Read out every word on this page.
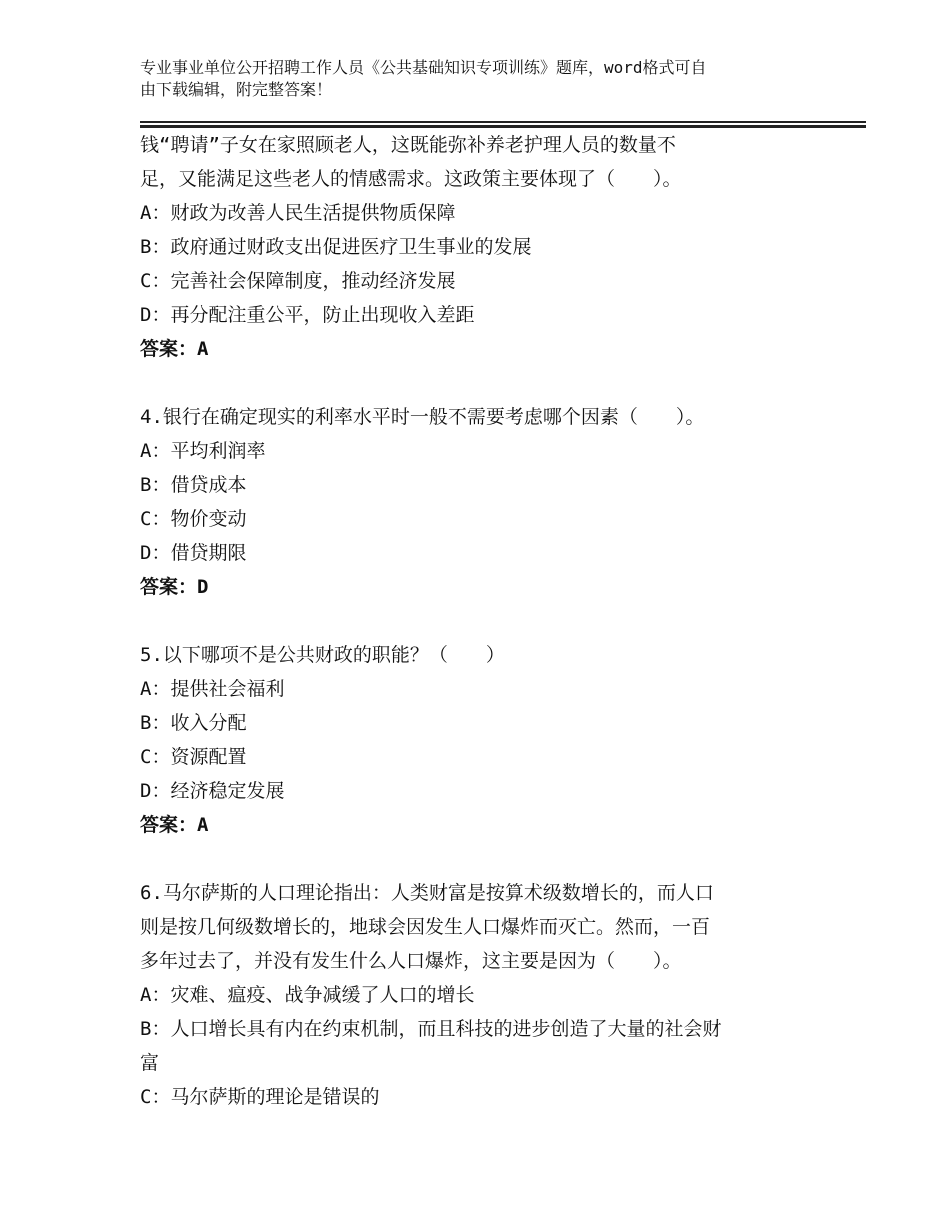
专业事业单位公开招聘工作人员《公共基础知识专项训练》题库，word格式可自
由下载编辑，附完整答案！
钱“聘请”子女在家照顾老人，这既能弥补养老护理人员的数量不
足，又能满足这些老人的情感需求。这政策主要体现了（　　）。
A：财政为改善人民生活提供物质保障
B：政府通过财政支出促进医疗卫生事业的发展
C：完善社会保障制度，推动经济发展
D：再分配注重公平，防止出现收入差距
答案：A
4.银行在确定现实的利率水平时一般不需要考虑哪个因素（　　）。
A：平均利润率
B：借贷成本
C：物价变动
D：借贷期限
答案：D
5.以下哪项不是公共财政的职能？（　　）
A：提供社会福利
B：收入分配
C：资源配置
D：经济稳定发展
答案：A
6.马尔萨斯的人口理论指出：人类财富是按算术级数增长的，而人口
则是按几何级数增长的，地球会因发生人口爆炸而灭亡。然而，一百
多年过去了，并没有发生什么人口爆炸，这主要是因为（　　）。
A：灾难、瘟疫、战争减缓了人口的增长
B：人口增长具有内在约束机制，而且科技的进步创造了大量的社会财
富
C：马尔萨斯的理论是错误的
